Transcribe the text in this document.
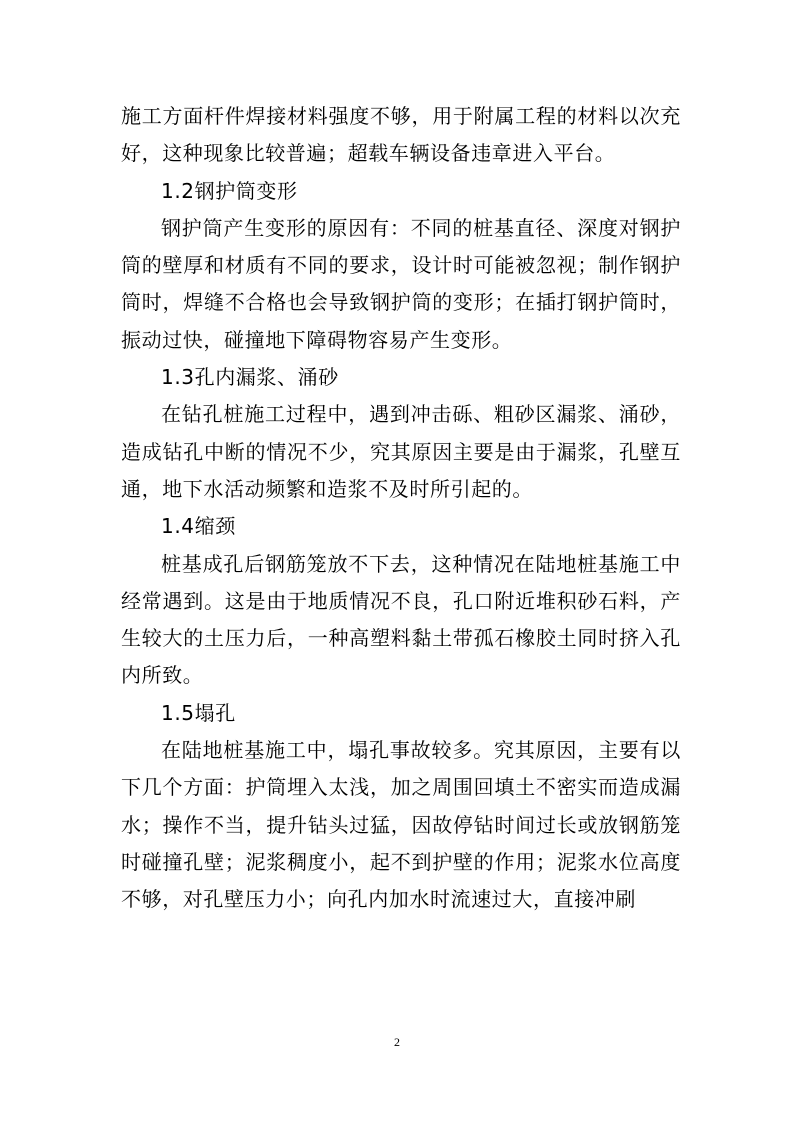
施工方面杆件焊接材料强度不够，用于附属工程的材料以次充好，这种现象比较普遍；超载车辆设备违章进入平台。

1.2钢护筒变形

钢护筒产生变形的原因有：不同的桩基直径、深度对钢护筒的壁厚和材质有不同的要求，设计时可能被忽视；制作钢护筒时，焊缝不合格也会导致钢护筒的变形；在插打钢护筒时，振动过快，碰撞地下障碍物容易产生变形。

1.3孔内漏浆、涌砂

在钻孔桩施工过程中，遇到冲击砾、粗砂区漏浆、涌砂，造成钻孔中断的情况不少，究其原因主要是由于漏浆，孔壁互通，地下水活动频繁和造浆不及时所引起的。

1.4缩颈

桩基成孔后钢筋笼放不下去，这种情况在陆地桩基施工中经常遇到。这是由于地质情况不良，孔口附近堆积砂石料，产生较大的土压力后，一种高塑料黏土带孤石橡胶土同时挤入孔内所致。

1.5塌孔

在陆地桩基施工中，塌孔事故较多。究其原因，主要有以下几个方面：护筒埋入太浅，加之周围回填土不密实而造成漏水；操作不当，提升钻头过猛，因故停钻时间过长或放钢筋笼时碰撞孔壁；泥浆稠度小，起不到护壁的作用；泥浆水位高度不够，对孔壁压力小；向孔内加水时流速过大，直接冲刷

2
